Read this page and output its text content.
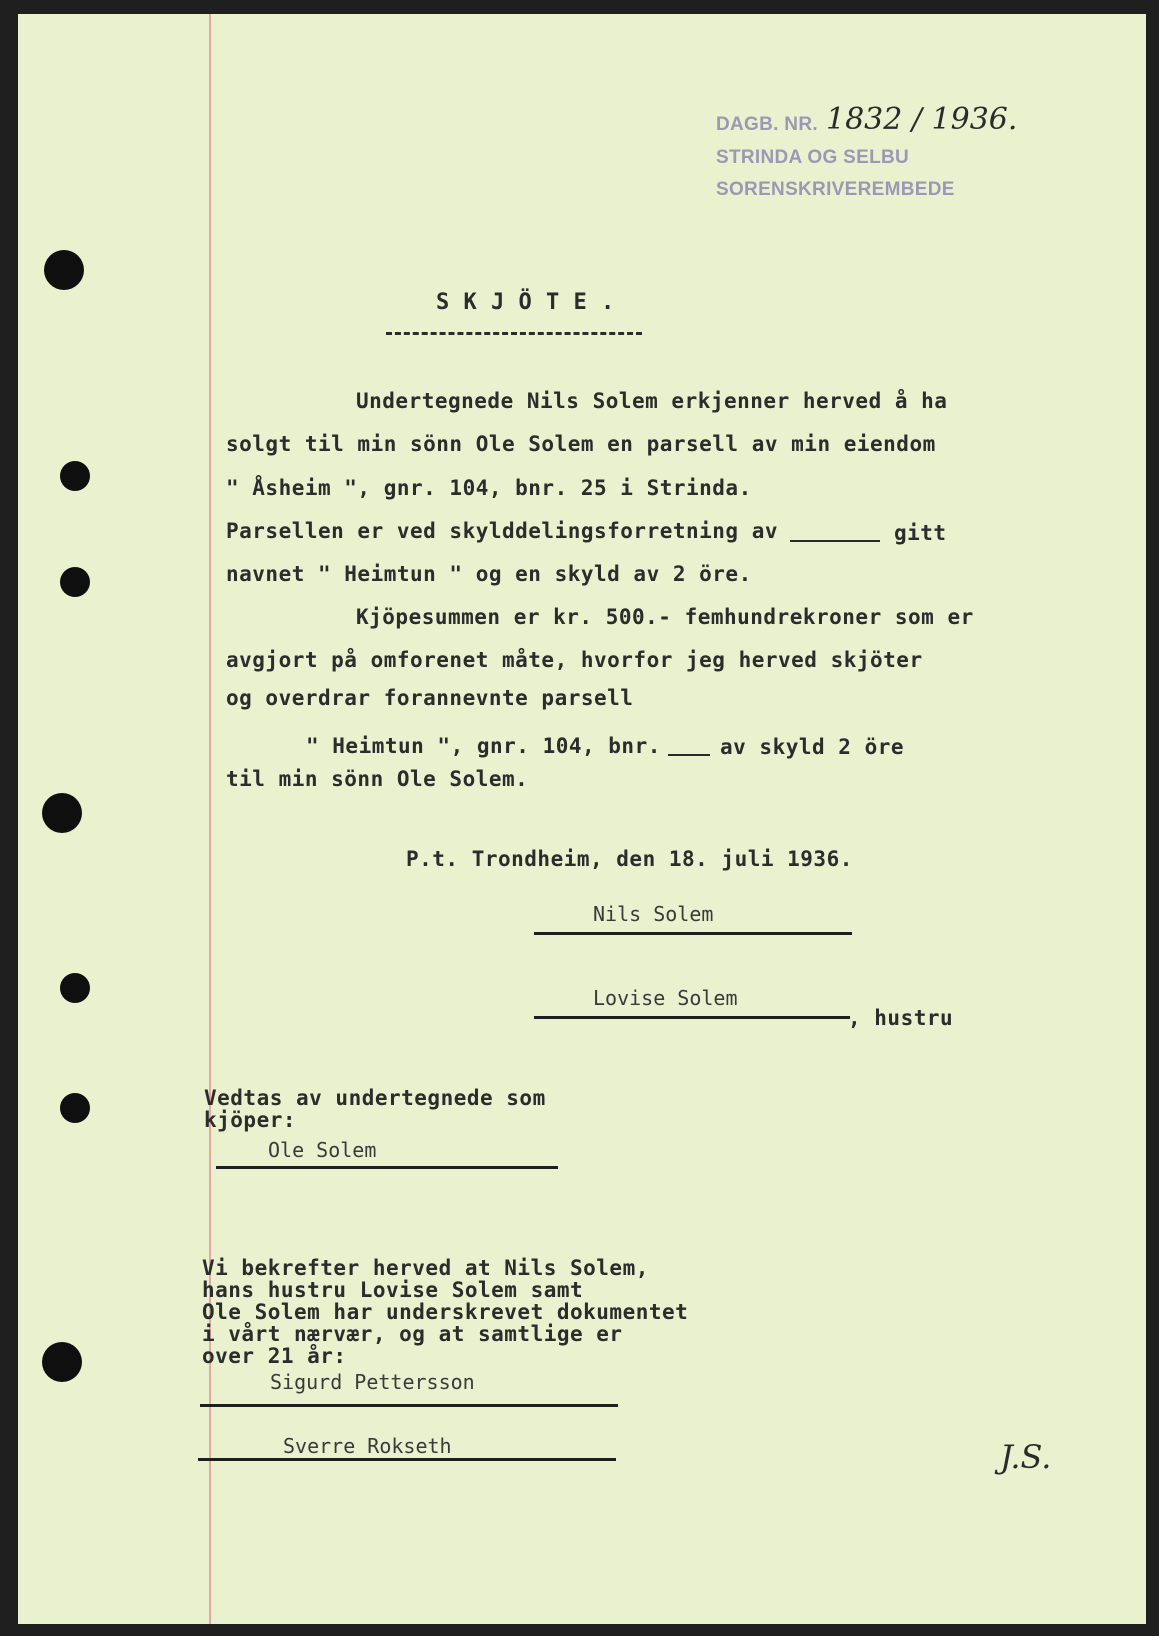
DAGB. NR. 1832 / 1936.
STRINDA OG SELBU
SORENSKRIVEREMBEDE
S K J Ö T E .
Undertegnede Nils Solem erkjenner herved å ha
solgt til min sönn Ole Solem en parsell av min eiendom
" Åsheim ", gnr. 104, bnr. 25 i Strinda.
Parsellen er ved skylddelingsforretning av	gitt
navnet " Heimtun " og en skyld av 2 öre.
Kjöpesummen er kr. 500.- femhundrekroner som er
avgjort på omforenet måte, hvorfor jeg herved skjöter
og overdrar forannevnte parsell
" Heimtun ", gnr. 104, bnr.	av skyld 2 öre
til min sönn Ole Solem.
P.t. Trondheim, den 18. juli 1936.
Nils Solem
Lovise Solem
, hustru
Vedtas av undertegnede som
kjöper:
Ole Solem
Vi bekrefter herved at Nils Solem,
hans hustru Lovise Solem samt
Ole Solem har underskrevet dokumentet
i vårt nærvær, og at samtlige er
over 21 år:
Sigurd Pettersson
Sverre Rokseth	J.S.
